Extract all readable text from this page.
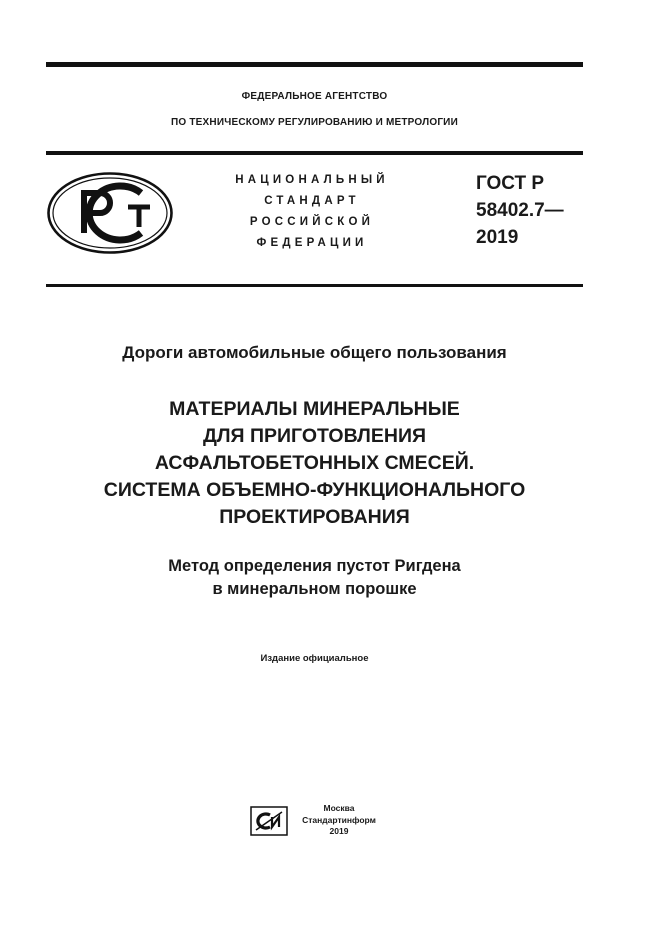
ФЕДЕРАЛЬНОЕ АГЕНТСТВО
ПО ТЕХНИЧЕСКОМУ РЕГУЛИРОВАНИЮ И МЕТРОЛОГИИ
НАЦИОНАЛЬНЫЙ
СТАНДАРТ
РОССИЙСКОЙ
ФЕДЕРАЦИИ
ГОСТ Р
58402.7—
2019
Дороги автомобильные общего пользования
МАТЕРИАЛЫ МИНЕРАЛЬНЫЕ
ДЛЯ ПРИГОТОВЛЕНИЯ
АСФАЛЬТОБЕТОННЫХ СМЕСЕЙ.
СИСТЕМА ОБЪЕМНО-ФУНКЦИОНАЛЬНОГО
ПРОЕКТИРОВАНИЯ
Метод определения пустот Ригдена
в минеральном порошке
Издание официальное
Москва
Стандартинформ
2019
